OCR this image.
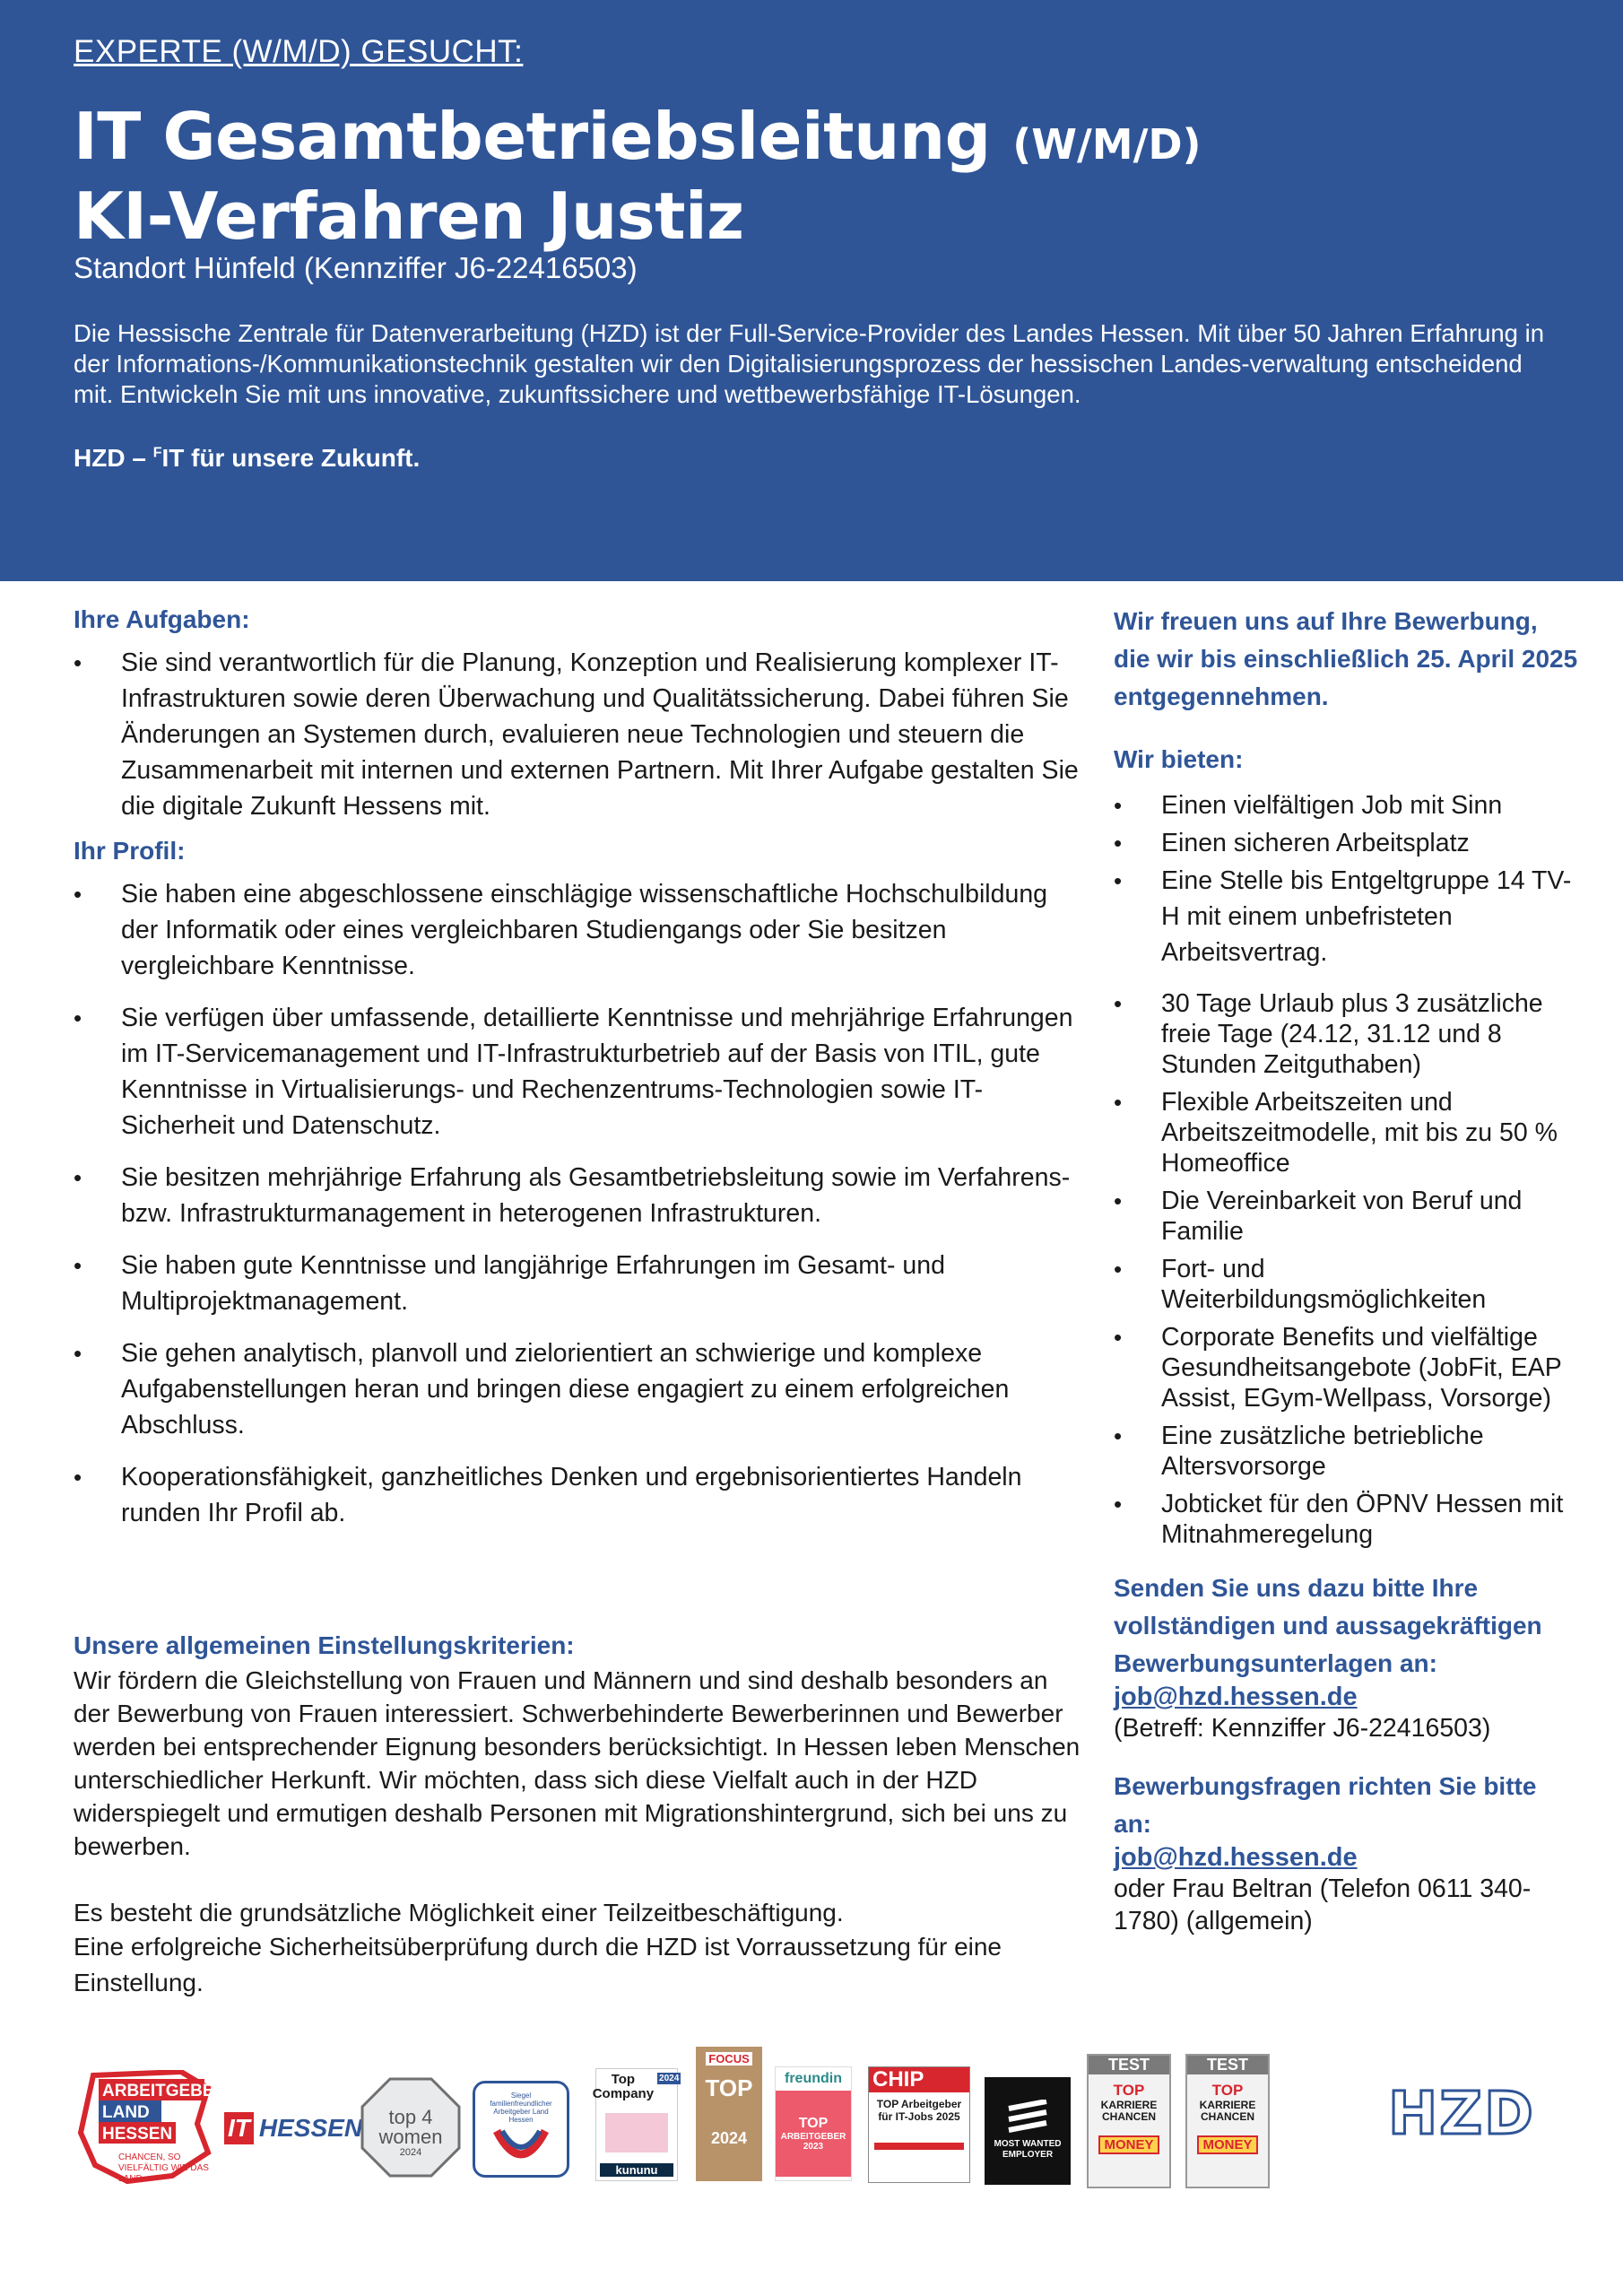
EXPERTE (W/M/D) GESUCHT:
IT Gesamtbetriebsleitung (W/M/D)
KI-Verfahren Justiz
Standort Hünfeld (Kennziffer J6-22416503)
Die Hessische Zentrale für Datenverarbeitung (HZD) ist der Full-Service-Provider des Landes Hessen. Mit über 50 Jahren Erfahrung in der Informations-/Kommunikationstechnik gestalten wir den Digitalisierungsprozess der hessischen Landes-verwaltung entscheidend mit. Entwickeln Sie mit uns innovative, zukunftssichere und wettbewerbsfähige IT-Lösungen.
HZD – $^F$IT für unsere Zukunft.
Ihre Aufgaben:
• Sie sind verantwortlich für die Planung, Konzeption und Realisierung komplexer IT-Infrastrukturen sowie deren Überwachung und Qualitätssicherung. Dabei führen Sie Änderungen an Systemen durch, evaluieren neue Technologien und steuern die Zusammenarbeit mit internen und externen Partnern. Mit Ihrer Aufgabe gestalten Sie die digitale Zukunft Hessens mit.
Ihr Profil:
• Sie haben eine abgeschlossene einschlägige wissenschaftliche Hochschulbildung der Informatik oder eines vergleichbaren Studiengangs oder Sie besitzen vergleichbare Kenntnisse.
• Sie verfügen über umfassende, detaillierte Kenntnisse und mehrjährige Erfahrungen im IT-Servicemanagement und IT-Infrastrukturbetrieb auf der Basis von ITIL, gute Kenntnisse in Virtualisierungs- und Rechenzentrums-Technologien sowie IT-Sicherheit und Datenschutz.
• Sie besitzen mehrjährige Erfahrung als Gesamtbetriebsleitung sowie im Verfahrens- bzw. Infrastrukturmanagement in heterogenen Infrastrukturen.
• Sie haben gute Kenntnisse und langjährige Erfahrungen im Gesamt- und Multiprojektmanagement.
• Sie gehen analytisch, planvoll und zielorientiert an schwierige und komplexe Aufgabenstellungen heran und bringen diese engagiert zu einem erfolgreichen Abschluss.
• Kooperationsfähigkeit, ganzheitliches Denken und ergebnisorientiertes Handeln runden Ihr Profil ab.
Unsere allgemeinen Einstellungskriterien:

Wir fördern die Gleichstellung von Frauen und Männern und sind deshalb besonders an der Bewerbung von Frauen interessiert. Schwerbehinderte Bewerberinnen und Bewerber werden bei entsprechender Eignung besonders berücksichtigt. In Hessen leben Menschen unterschiedlicher Herkunft. Wir möchten, dass sich diese Vielfalt auch in der HZD widerspiegelt und ermutigen deshalb Personen mit Migrationshintergrund, sich bei uns zu bewerben.

Es besteht die grundsätzliche Möglichkeit einer Teilzeitbeschäftigung.

Eine erfolgreiche Sicherheitsüberprüfung durch die HZD ist Vorraussetzung für eine Einstellung.

Wir freuen uns auf Ihre Bewerbung, die wir bis einschließlich 25. April 2025 entgegennehmen.
Wir bieten:
• Einen vielfältigen Job mit Sinn
• Einen sicheren Arbeitsplatz
• Eine Stelle bis Entgeltgruppe 14 TV-H mit einem unbefristeten Arbeitsvertrag.
• 30 Tage Urlaub plus 3 zusätzliche freie Tage (24.12, 31.12 und 8 Stunden Zeitguthaben)
• Flexible Arbeitszeiten und Arbeitszeitmodelle, mit bis zu 50 % Homeoffice
• Die Vereinbarkeit von Beruf und Familie
• Fort- und Weiterbildungsmöglichkeiten
• Corporate Benefits und vielfältige Gesundheitsangebote (JobFit, EAP Assist, EGym-Wellpass, Vorsorge)
• Eine zusätzliche betriebliche Altersvorsorge
• Jobticket für den ÖPNV Hessen mit Mitnahmeregelung
Senden Sie uns dazu bitte Ihre vollständigen und aussagekräftigen Bewerbungsunterlagen an:
job@hzd.hessen.de
(Betreff: Kennziffer J6-22416503)
Bewerbungsfragen richten Sie bitte an:
job@hzd.hessen.de
oder Frau Beltran (Telefon 0611 340-1780) (allgemein)
ARBEITGEBER LAND HESSEN
CHANCEN, SO VIELFÄLTIG WIE DAS LAND
IT HESSEN	top 4 women
2024
Siegel familienfreundlicher Arbeitgeber Land Hessen
Top Company
2024
kununu
FOCUS
TOP
2024
freundin
TOP
ARBEITGEBER
2023
CHIP
TOP Arbeitgeber für IT-Jobs 2025
MOST WANTED EMPLOYER
TEST
TOP
KARRIERE CHANCEN
MONEY
TEST
TOP
KARRIERE CHANCEN
MONEY HZD
